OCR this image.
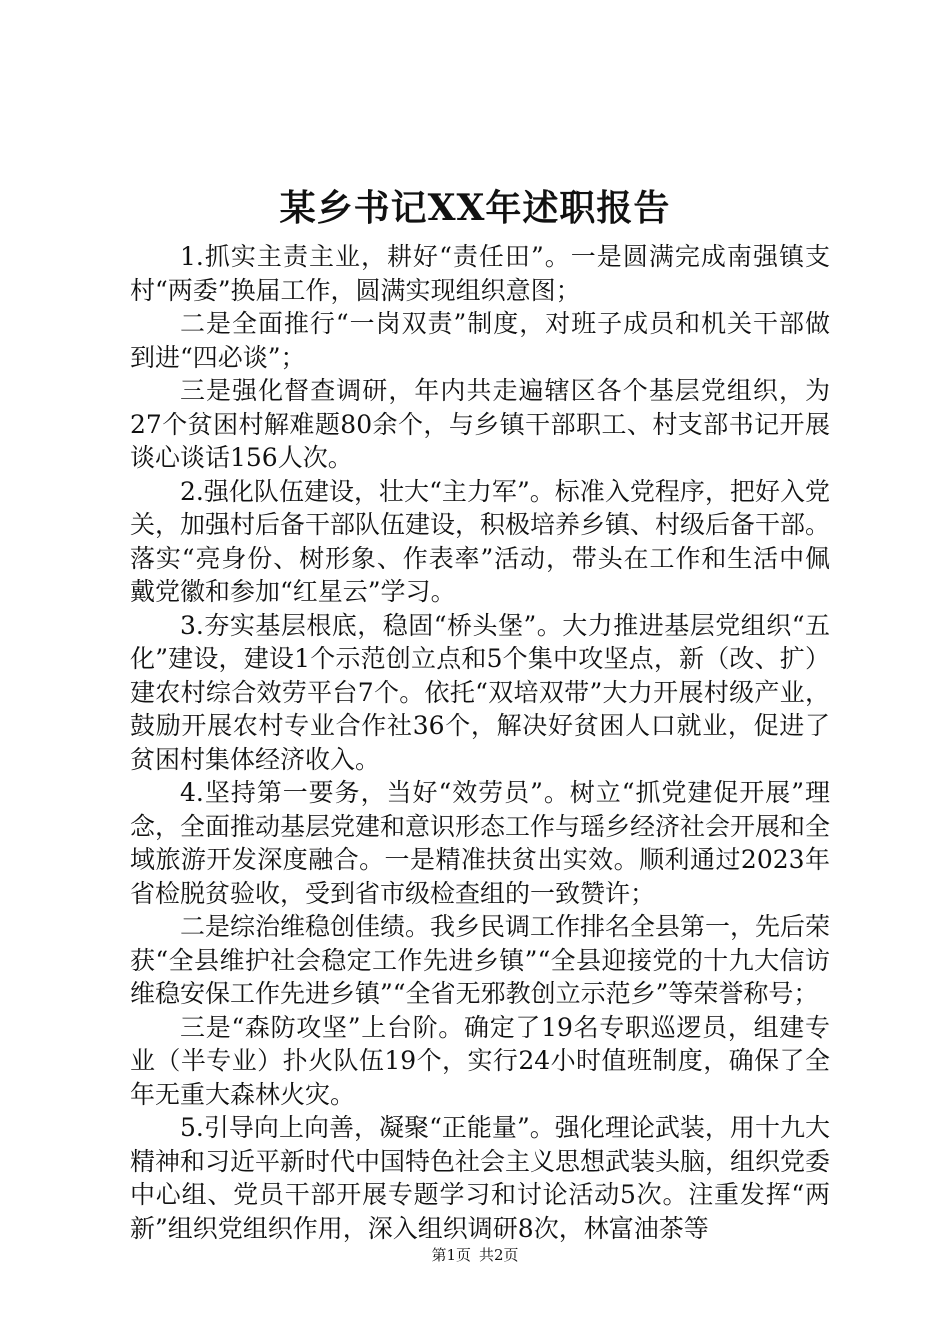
某乡书记XX年述职报告

1.抓实主责主业，耕好“责任田”。一是圆满完成南强镇支村“两委”换届工作，圆满实现组织意图；

二是全面推行“一岗双责”制度，对班子成员和机关干部做到进“四必谈”；

三是强化督查调研，年内共走遍辖区各个基层党组织，为27个贫困村解难题80余个，与乡镇干部职工、村支部书记开展谈心谈话156人次。

2.强化队伍建设，壮大“主力军”。标准入党程序，把好入党关，加强村后备干部队伍建设，积极培养乡镇、村级后备干部。落实“亮身份、树形象、作表率”活动，带头在工作和生活中佩戴党徽和参加“红星云”学习。

3.夯实基层根底，稳固“桥头堡”。大力推进基层党组织“五化”建设，建设1个示范创立点和5个集中攻坚点，新（改、扩）建农村综合效劳平台7个。依托“双培双带”大力开展村级产业，鼓励开展农村专业合作社36个，解决好贫困人口就业，促进了贫困村集体经济收入。

4.坚持第一要务，当好“效劳员”。树立“抓党建促开展”理念，全面推动基层党建和意识形态工作与瑶乡经济社会开展和全域旅游开发深度融合。一是精准扶贫出实效。顺利通过2023年省检脱贫验收，受到省市级检查组的一致赞许；

二是综治维稳创佳绩。我乡民调工作排名全县第一，先后荣获“全县维护社会稳定工作先进乡镇”“全县迎接党的十九大信访维稳安保工作先进乡镇”“全省无邪教创立示范乡”等荣誉称号；

三是“森防攻坚”上台阶。确定了19名专职巡逻员，组建专业（半专业）扑火队伍19个，实行24小时值班制度，确保了全年无重大森林火灾。

5.引导向上向善，凝聚“正能量”。强化理论武装，用十九大精神和习近平新时代中国特色社会主义思想武装头脑，组织党委中心组、党员干部开展专题学习和讨论活动5次。注重发挥“两新”组织党组织作用，深入组织调研8次，林富油茶等

第1页 共2页
